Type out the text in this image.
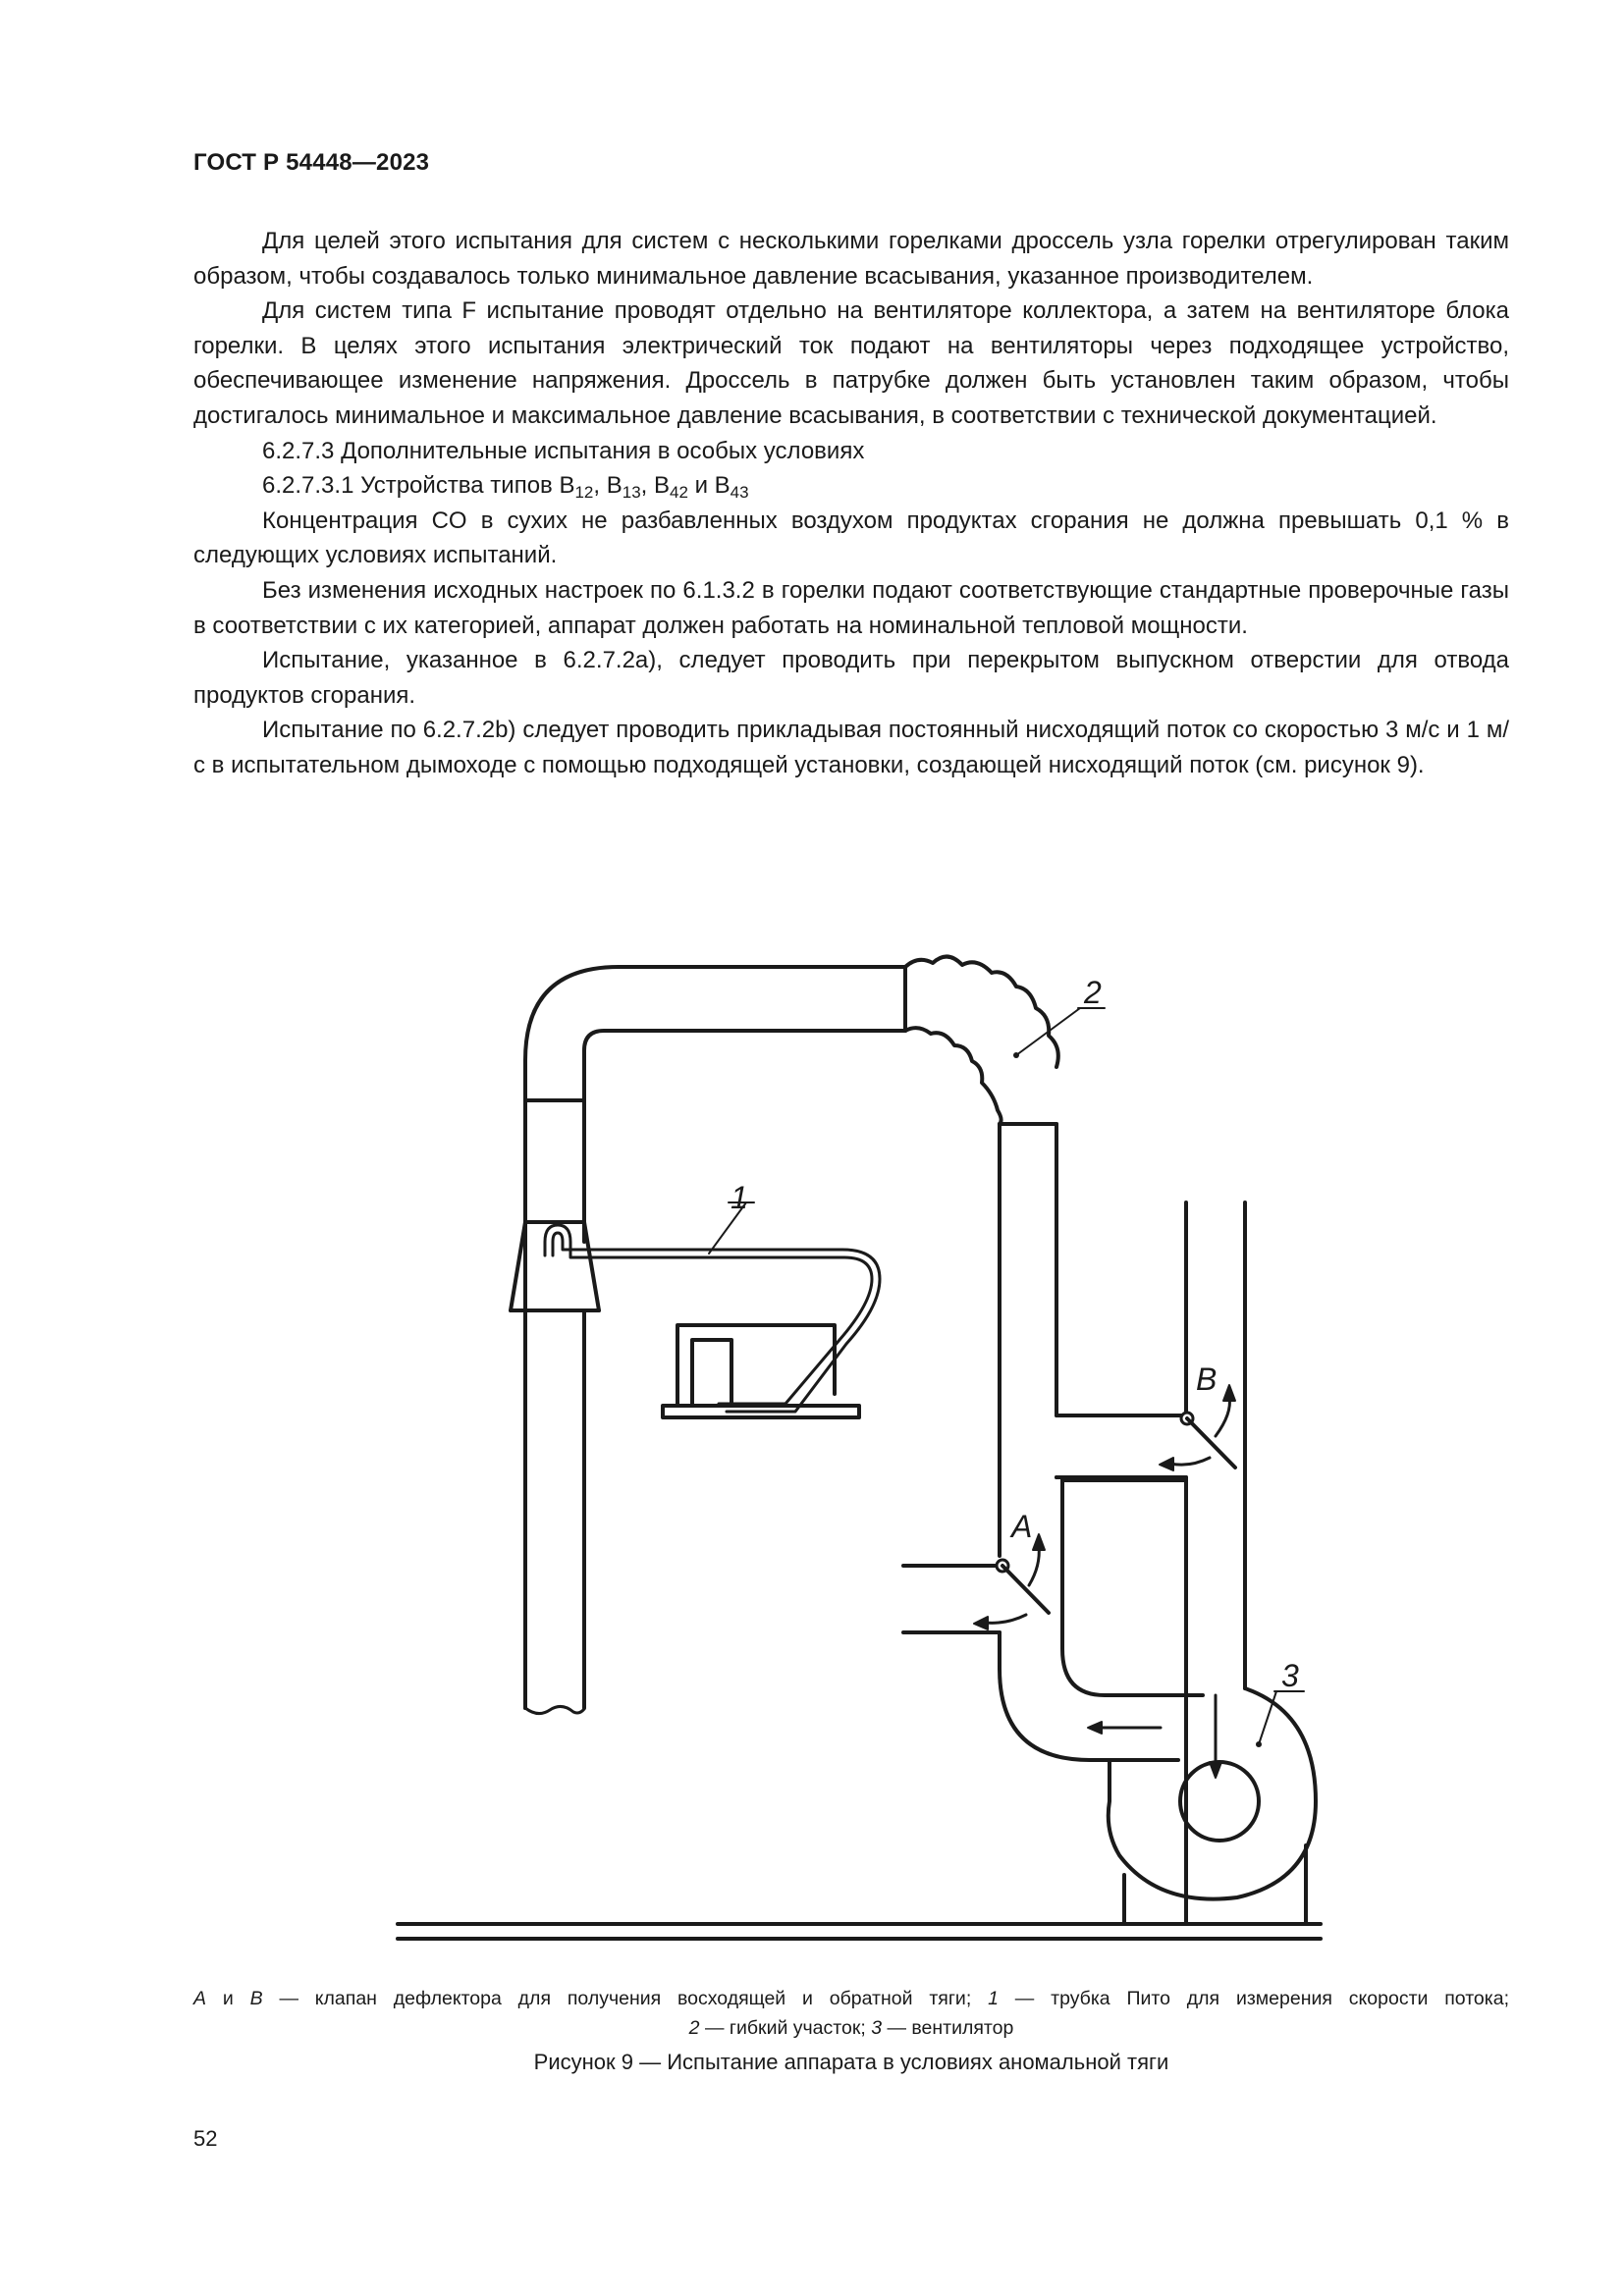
ГОСТ Р 54448—2023

Для целей этого испытания для систем с несколькими горелками дроссель узла горелки отрегулирован таким образом, чтобы создавалось только минимальное давление всасывания, указанное производителем.

Для систем типа F испытание проводят отдельно на вентиляторе коллектора, а затем на вентиляторе блока горелки. В целях этого испытания электрический ток подают на вентиляторы через подходящее устройство, обеспечивающее изменение напряжения. Дроссель в патрубке должен быть установлен таким образом, чтобы достигалось минимальное и максимальное давление всасывания, в соответствии с технической документацией.

6.2.7.3 Дополнительные испытания в особых условиях

6.2.7.3.1 Устройства типов $B_{12}$, $B_{13}$, $B_{42}$ и $B_{43}$

Концентрация CO в сухих не разбавленных воздухом продуктах сгорания не должна превышать 0,1 % в следующих условиях испытаний.

Без изменения исходных настроек по 6.1.3.2 в горелки подают соответствующие стандартные проверочные газы в соответствии с их категорией, аппарат должен работать на номинальной тепловой мощности.

Испытание, указанное в 6.2.7.2a), следует проводить при перекрытом выпускном отверстии для отвода продуктов сгорания.

Испытание по 6.2.7.2b) следует проводить прикладывая постоянный нисходящий поток со скоростью 3 м/с и 1 м/с в испытательном дымоходе с помощью подходящей установки, создающей нисходящий поток (см. рисунок 9).

1
2
3
A
B
A и B — клапан дефлектора для получения восходящей и обратной тяги; 1 — трубка Пито для измерения скорости потока;
2 — гибкий участок; 3 — вентилятор
Рисунок 9 — Испытание аппарата в условиях аномальной тяги
52
